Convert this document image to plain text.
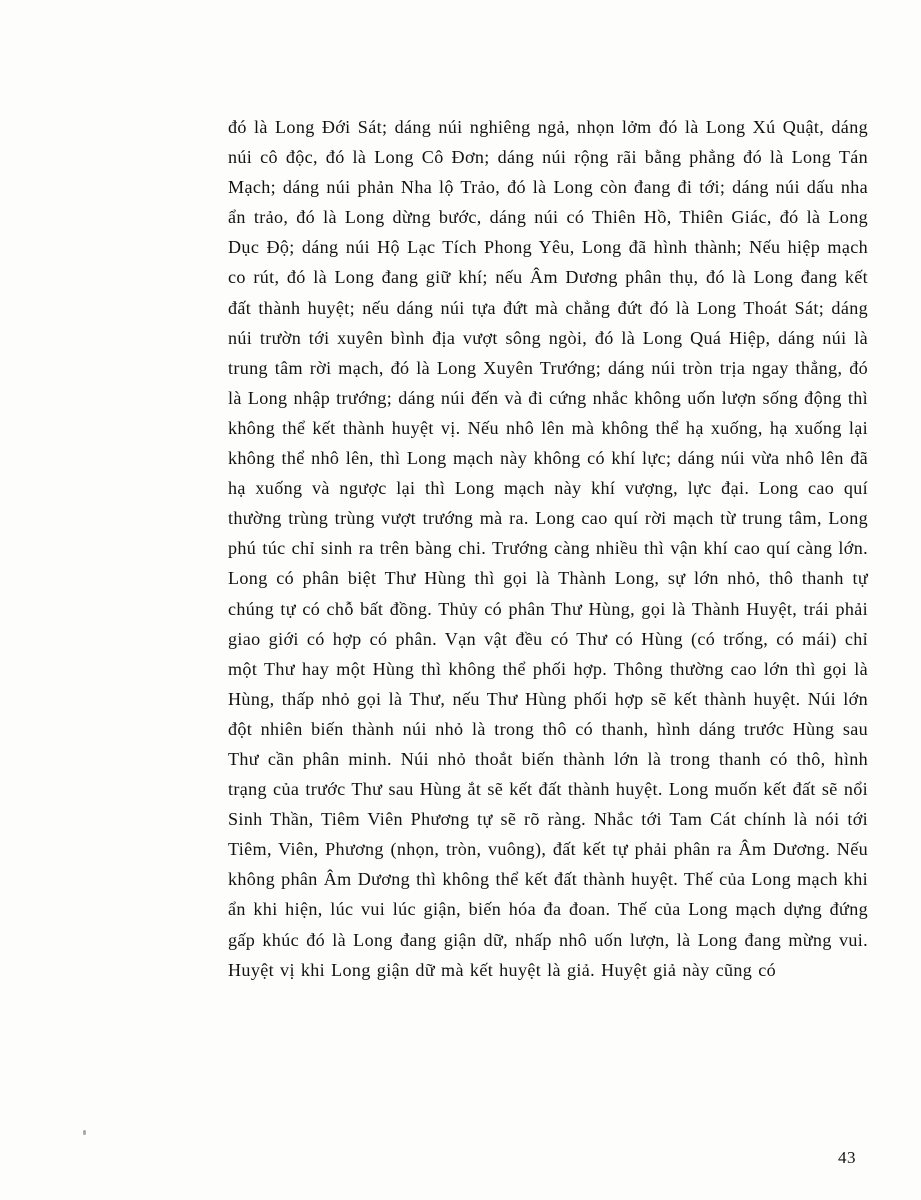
đó là Long Đới Sát; dáng núi nghiêng ngả, nhọn lởm đó là Long Xú Quật, dáng núi cô độc, đó là Long Cô Đơn; dáng núi rộng rãi bằng phẳng đó là Long Tán Mạch; dáng núi phản Nha lộ Trảo, đó là Long còn đang đi tới; dáng núi dấu nha ẩn trảo, đó là Long dừng bước, dáng núi có Thiên Hồ, Thiên Giác, đó là Long Dục Độ; dáng núi Hộ Lạc Tích Phong Yêu, Long đã hình thành; Nếu hiệp mạch co rút, đó là Long đang giữ khí; nếu Âm Dương phân thụ, đó là Long đang kết đất thành huyệt; nếu dáng núi tựa đứt mà chẳng đứt đó là Long Thoát Sát; dáng núi trườn tới xuyên bình địa vượt sông ngòi, đó là Long Quá Hiệp, dáng núi là trung tâm rời mạch, đó là Long Xuyên Trướng; dáng núi tròn trịa ngay thẳng, đó là Long nhập trướng; dáng núi đến và đi cứng nhắc không uốn lượn sống động thì không thể kết thành huyệt vị. Nếu nhô lên mà không thể hạ xuống, hạ xuống lại không thể nhô lên, thì Long mạch này không có khí lực; dáng núi vừa nhô lên đã hạ xuống và ngược lại thì Long mạch này khí vượng, lực đại. Long cao quí thường trùng trùng vượt trướng mà ra. Long cao quí rời mạch từ trung tâm, Long phú túc chỉ sinh ra trên bàng chi. Trướng càng nhiều thì vận khí cao quí càng lớn. Long có phân biệt Thư Hùng thì gọi là Thành Long, sự lớn nhỏ, thô thanh tự chúng tự có chỗ bất đồng. Thủy có phân Thư Hùng, gọi là Thành Huyệt, trái phải giao giới có hợp có phân. Vạn vật đều có Thư có Hùng (có trống, có mái) chỉ một Thư hay một Hùng thì không thể phối hợp. Thông thường cao lớn thì gọi là Hùng, thấp nhỏ gọi là Thư, nếu Thư Hùng phối hợp sẽ kết thành huyệt. Núi lớn đột nhiên biến thành núi nhỏ là trong thô có thanh, hình dáng trước Hùng sau Thư cần phân minh. Núi nhỏ thoắt biến thành lớn là trong thanh có thô, hình trạng của trước Thư sau Hùng ắt sẽ kết đất thành huyệt. Long muốn kết đất sẽ nổi Sinh Thần, Tiêm Viên Phương tự sẽ rõ ràng. Nhắc tới Tam Cát chính là nói tới Tiêm, Viên, Phương (nhọn, tròn, vuông), đất kết tự phải phân ra Âm Dương. Nếu không phân Âm Dương thì không thể kết đất thành huyệt. Thế của Long mạch khi ẩn khi hiện, lúc vui lúc giận, biến hóa đa đoan. Thế của Long mạch dựng đứng gấp khúc đó là Long đang giận dữ, nhấp nhô uốn lượn, là Long đang mừng vui. Huyệt vị khi Long giận dữ mà kết huyệt là giả. Huyệt giả này cũng có

43
